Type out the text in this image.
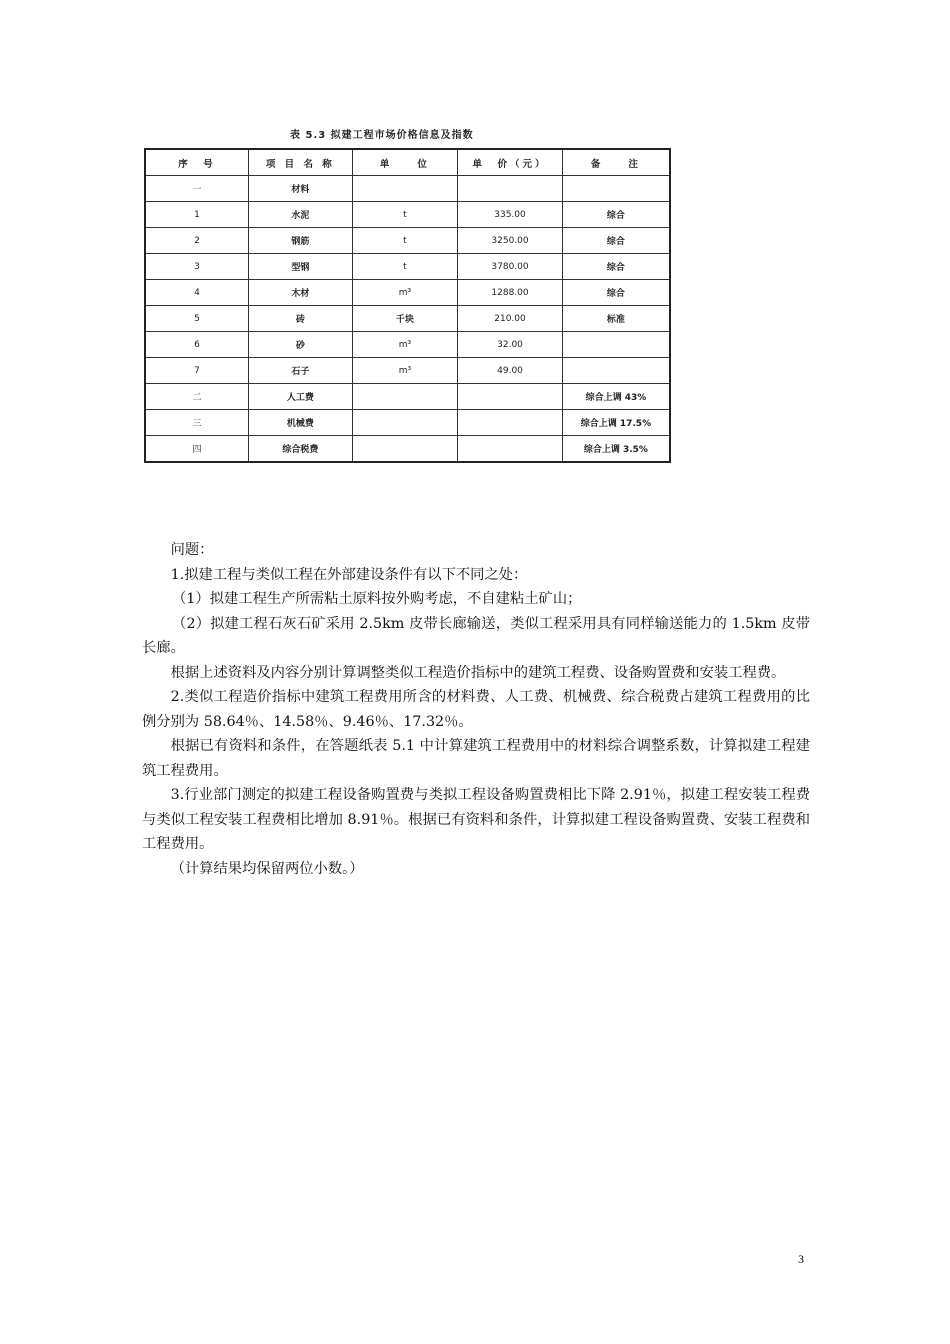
表 5.3 拟建工程市场价格信息及指数
序　号	项 目 名 称	单　　位	单　价（元）	备　　注
一	材料			
1	水泥	t	335.00	综合
2	钢筋	t	3250.00	综合
3	型钢	t	3780.00	综合
4	木材	m³	1288.00	综合
5	砖	千块	210.00	标准
6	砂	m³	32.00	
7	石子	m³	49.00	
二	人工费			综合上调 43%
三	机械费			综合上调 17.5%
四	综合税费			综合上调 3.5%

问题：

1.拟建工程与类似工程在外部建设条件有以下不同之处：

（1）拟建工程生产所需粘土原料按外购考虑，不自建粘土矿山；

（2）拟建工程石灰石矿采用 2.5km 皮带长廊输送，类似工程采用具有同样输送能力的 1.5km 皮带长廊。

根据上述资料及内容分别计算调整类似工程造价指标中的建筑工程费、设备购置费和安装工程费。

2.类似工程造价指标中建筑工程费用所含的材料费、人工费、机械费、综合税费占建筑工程费用的比例分别为 58.64％、14.58％、9.46％、17.32％。

根据已有资料和条件，在答题纸表 5.1 中计算建筑工程费用中的材料综合调整系数，计算拟建工程建筑工程费用。

3.行业部门测定的拟建工程设备购置费与类拟工程设备购置费相比下降 2.91％，拟建工程安装工程费与类似工程安装工程费相比增加 8.91％。根据已有资料和条件，计算拟建工程设备购置费、安装工程费和工程费用。

（计算结果均保留两位小数。）

3
